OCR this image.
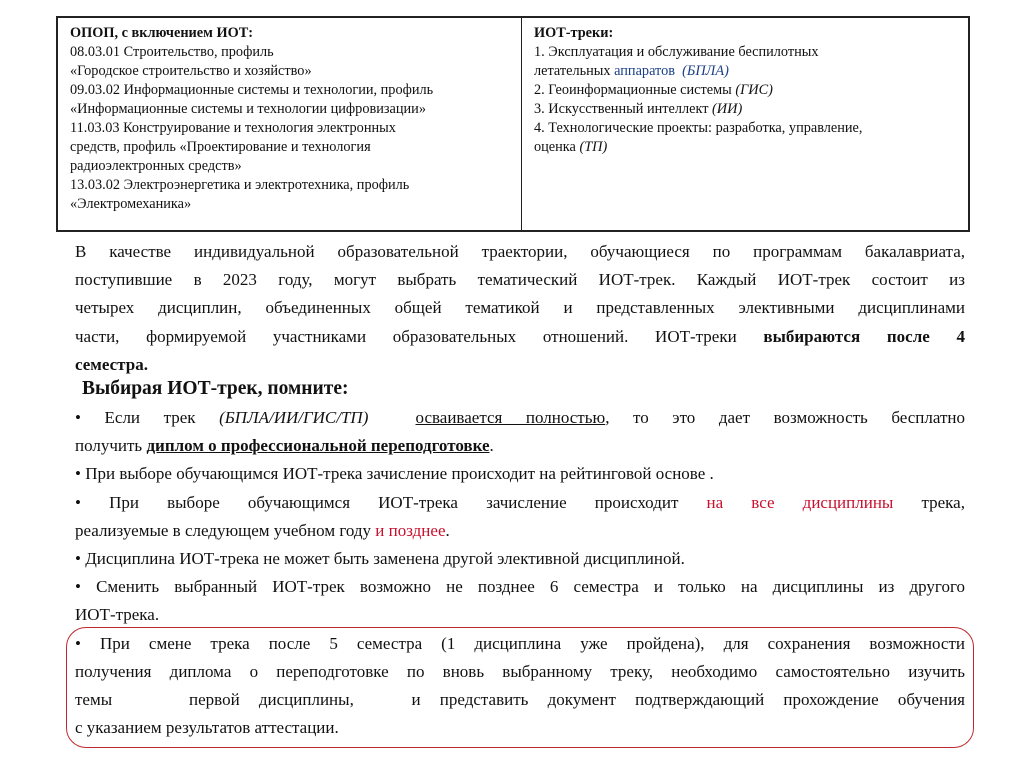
ОПОП, с включением ИОТ:
08.03.01 Строительство, профиль
«Городское строительство и хозяйство»
09.03.02 Информационные системы и технологии, профиль
«Информационные системы и технологии цифровизации»
11.03.03 Конструирование и технология электронных
средств, профиль «Проектирование и технология
радиоэлектронных средств»
13.03.02 Электроэнергетика и электротехника, профиль
«Электромеханика»
ИОТ-треки:
1. Эксплуатация и обслуживание беспилотных
летательных аппаратов (БПЛА)
2. Геоинформационные системы (ГИС)
3. Искусственный интеллект (ИИ)
4. Технологические проекты: разработка, управление,
оценка (ТП)
В качестве индивидуальной образовательной траектории, обучающиеся по программам бакалавриата,
поступившие в 2023 году, могут выбрать тематический ИОТ-трек. Каждый ИОТ-трек состоит из
четырех дисциплин, объединенных общей тематикой и представленных элективными дисциплинами
части, формируемой участниками образовательных отношений. ИОТ-треки выбираются после 4
семестра.
Выбирая ИОТ-трек, помните:
• Если трек (БПЛА/ИИ/ГИС/ТП)	осваивается полностью, то это дает возможность бесплатно
получить диплом о профессиональной переподготовке.
• При выборе обучающимся ИОТ-трека зачисление происходит на рейтинговой основе .
• При выборе обучающимся ИОТ-трека зачисление происходит на все дисциплины трека,
реализуемые в следующем учебном году и позднее.
• Дисциплина ИОТ-трека не может быть заменена другой элективной дисциплиной.
• Сменить выбранный ИОТ-трек возможно не позднее 6 семестра и только на дисциплины из другого
ИОТ-трека.
• При смене трека после 5 семестра (1 дисциплина уже пройдена), для сохранения возможности
получения диплома о переподготовке по вновь выбранному треку, необходимо самостоятельно изучить
темы    первой дисциплины,   и представить документ подтверждающий прохождение обучения
с указанием результатов аттестации.
